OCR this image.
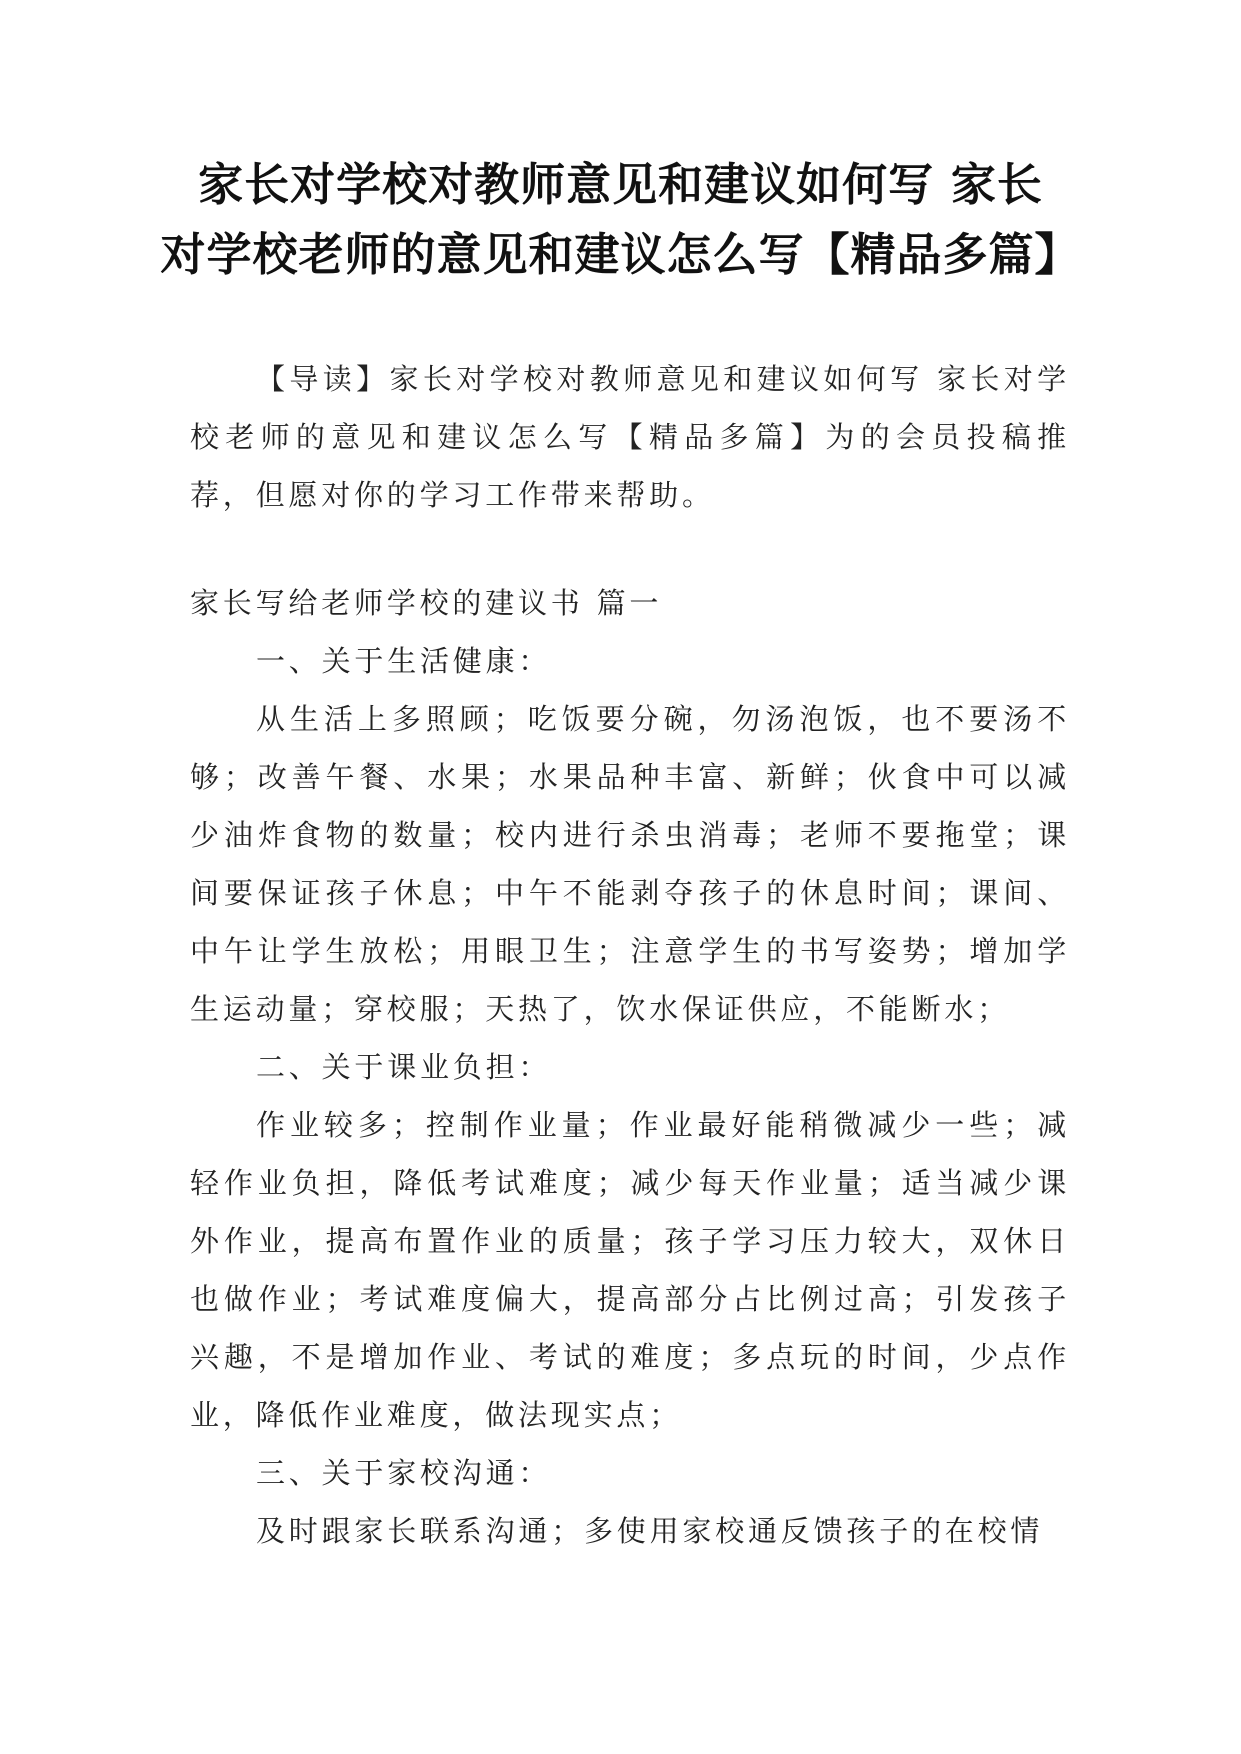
家长对学校对教师意见和建议如何写 家长
对学校老师的意见和建议怎么写【精品多篇】

【导读】家长对学校对教师意见和建议如何写 家长对学校老师的意见和建议怎么写【精品多篇】为的会员投稿推荐，但愿对你的学习工作带来帮助。

家长写给老师学校的建议书 篇一

一、关于生活健康：

从生活上多照顾；吃饭要分碗，勿汤泡饭，也不要汤不够；改善午餐、水果；水果品种丰富、新鲜；伙食中可以减少油炸食物的数量；校内进行杀虫消毒；老师不要拖堂；课间要保证孩子休息；中午不能剥夺孩子的休息时间；课间、中午让学生放松；用眼卫生；注意学生的书写姿势；增加学生运动量；穿校服；天热了，饮水保证供应，不能断水；

二、关于课业负担：

作业较多；控制作业量；作业最好能稍微减少一些；减轻作业负担，降低考试难度；减少每天作业量；适当减少课外作业，提高布置作业的质量；孩子学习压力较大，双休日也做作业；考试难度偏大，提高部分占比例过高；引发孩子兴趣，不是增加作业、考试的难度；多点玩的时间，少点作业，降低作业难度，做法现实点；

三、关于家校沟通：

及时跟家长联系沟通；多使用家校通反馈孩子的在校情
